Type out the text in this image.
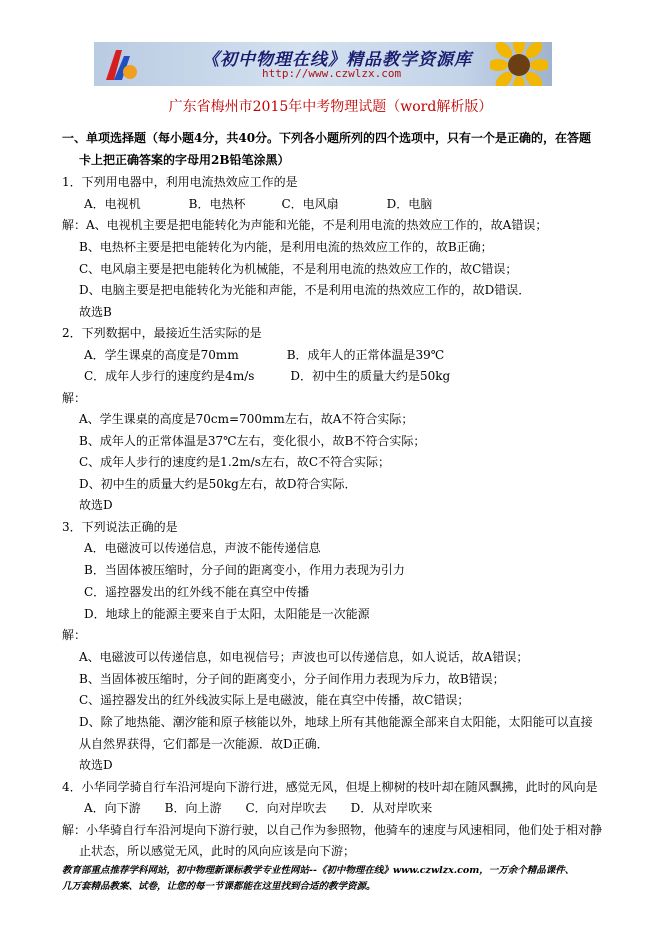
《初中物理在线》精品教学资源库
http://www.czwlzx.com
广东省梅州市2015年中考物理试题（word解析版）
一、单项选择题（每小题4分，共40分。下列各小题所列的四个选项中，只有一个是正确的，在答题
卡上把正确答案的字母用2B铅笔涂黑）
1．下列用电器中，利用电流热效应工作的是
A．电视机　　　　B．电热杯　　　C．电风扇　　　　D．电脑
解：A、电视机主要是把电能转化为声能和光能，不是利用电流的热效应工作的，故A错误；
B、电热杯主要是把电能转化为内能，是利用电流的热效应工作的，故B正确；
C、电风扇主要是把电能转化为机械能，不是利用电流的热效应工作的，故C错误；
D、电脑主要是把电能转化为光能和声能，不是利用电流的热效应工作的，故D错误．
故选B
2．下列数据中，最接近生活实际的是
A．学生课桌的高度是70mm　　　　B．成年人的正常体温是39℃
C．成年人步行的速度约是4m/s　　　D．初中生的质量大约是50kg
解：
A、学生课桌的高度是70cm=700mm左右，故A不符合实际；
B、成年人的正常体温是37℃左右，变化很小，故B不符合实际；
C、成年人步行的速度约是1.2m/s左右，故C不符合实际；
D、初中生的质量大约是50kg左右，故D符合实际．
故选D
3．下列说法正确的是
A．电磁波可以传递信息，声波不能传递信息
B．当固体被压缩时，分子间的距离变小，作用力表现为引力
C．遥控器发出的红外线不能在真空中传播
D．地球上的能源主要来自于太阳，太阳能是一次能源
解：
A、电磁波可以传递信息，如电视信号；声波也可以传递信息，如人说话，故A错误；
B、当固体被压缩时，分子间的距离变小，分子间作用力表现为斥力，故B错误；
C、遥控器发出的红外线波实际上是电磁波，能在真空中传播，故C错误；
D、除了地热能、潮汐能和原子核能以外，地球上所有其他能源全部来自太阳能，太阳能可以直接
从自然界获得，它们都是一次能源．故D正确．
故选D
4．小华同学骑自行车沿河堤向下游行进，感觉无风，但堤上柳树的枝叶却在随风飘拂，此时的风向是
A．向下游　　B．向上游　　C．向对岸吹去　　D．从对岸吹来
解：小华骑自行车沿河堤向下游行驶，以自己作为参照物，他骑车的速度与风速相同，他们处于相对静
止状态，所以感觉无风，此时的风向应该是向下游；
教育部重点推荐学科网站，初中物理新课标教学专业性网站--《初中物理在线》www.czwlzx.com，一万余个精品课件、
几万套精品教案、试卷，让您的每一节课都能在这里找到合适的教学资源。
